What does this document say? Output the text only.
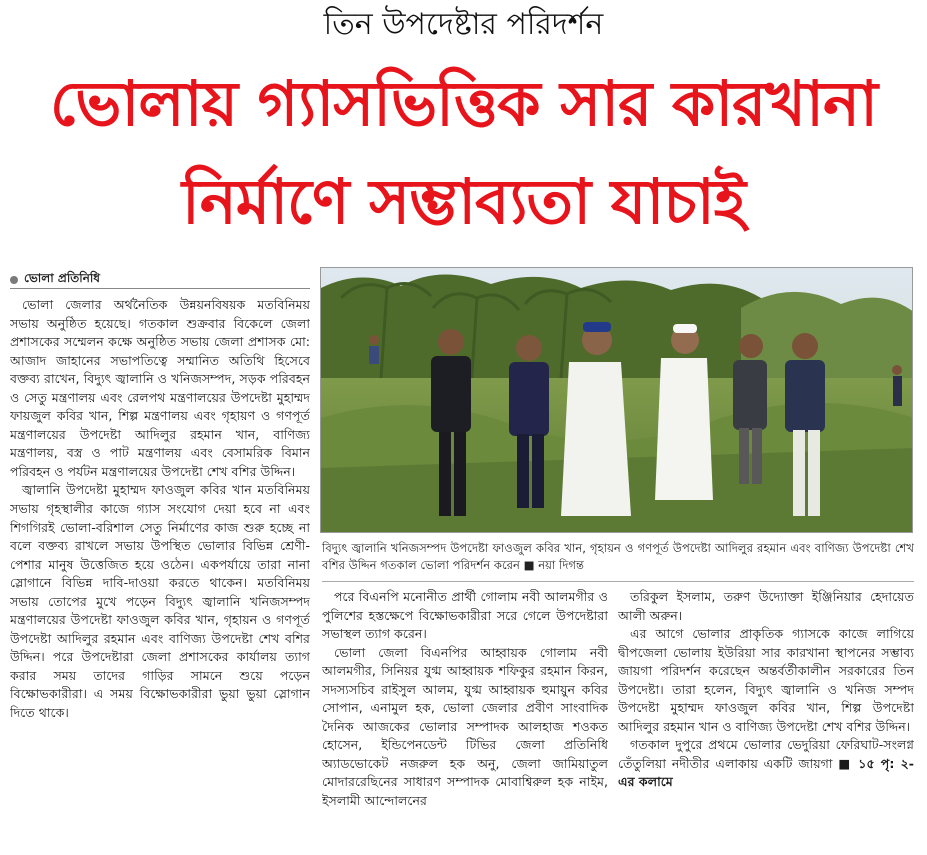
তিন উপদেষ্টার পরিদর্শন
ভোলায় গ্যাসভিত্তিক সার কারখানা
নির্মাণে সম্ভাব্যতা যাচাই
ভোলা প্রতিনিধি

ভোলা জেলার অর্থনৈতিক উন্নয়নবিষয়ক মতবিনিময় সভায় অনুষ্ঠিত হয়েছে। গতকাল শুক্রবার বিকেলে জেলা প্রশাসকের সম্মেলন কক্ষে অনুষ্ঠিত সভায় জেলা প্রশাসক মো: আজাদ জাহানের সভাপতিত্বে সম্মানিত অতিথি হিসেবে বক্তব্য রাখেন, বিদ্যুৎ জ্বালানি ও খনিজসম্পদ, সড়ক পরিবহন ও সেতু মন্ত্রণালয় এবং রেলপথ মন্ত্রণালয়ের উপদেষ্টা মুহাম্মদ ফায়জুল কবির খান, শিল্প মন্ত্রণালয় এবং গৃহায়ণ ও গণপূর্ত মন্ত্রণালয়ের উপদেষ্টা আদিলুর রহমান খান, বাণিজ্য মন্ত্রণালয়, বস্ত্র ও পাট মন্ত্রণালয় এবং বেসামরিক বিমান পরিবহন ও পর্যটন মন্ত্রণালয়ের উপদেষ্টা শেখ বশির উদ্দিন।

জ্বালানি উপদেষ্টা মুহাম্মদ ফাওজুল কবির খান মতবিনিময় সভায় গৃহস্থালীর কাজে গ্যাস সংযোগ দেয়া হবে না এবং শিগগিরই ভোলা-বরিশাল সেতু নির্মাণের কাজ শুরু হচ্ছে না বলে বক্তব্য রাখলে সভায় উপস্থিত ভোলার বিভিন্ন শ্রেণী-পেশার মানুষ উত্তেজিত হয়ে ওঠেন। একপর্যায়ে তারা নানা স্লোগানে বিভিন্ন দাবি-দাওয়া করতে থাকেন। মতবিনিময় সভায় তোপের মুখে পড়েন বিদ্যুৎ জ্বালানি খনিজসম্পদ মন্ত্রণালয়ের উপদেষ্টা ফাওজুল কবির খান, গৃহায়ন ও গণপূর্ত উপদেষ্টা আদিলুর রহমান এবং বাণিজ্য উপদেষ্টা শেখ বশির উদ্দিন। পরে উপদেষ্টারা জেলা প্রশাসকের কার্যালয় ত্যাগ করার সময় তাদের গাড়ির সামনে শুয়ে পড়েন বিক্ষোভকারীরা। এ সময় বিক্ষোভকারীরা ভুয়া ভুয়া স্লোগান দিতে থাকে।

বিদ্যুৎ জ্বালানি খনিজসম্পদ উপদেষ্টা ফাওজুল কবির খান, গৃহায়ন ও গণপূর্ত উপদেষ্টা আদিলুর রহমান এবং বাণিজ্য উপদেষ্টা শেখ বশির উদ্দিন গতকাল ভোলা পরিদর্শন করেন ■ নয়া দিগন্ত

পরে বিএনপি মনোনীত প্রার্থী গোলাম নবী আলমগীর ও পুলিশের হস্তক্ষেপে বিক্ষোভকারীরা সরে গেলে উপদেষ্টারা সভাস্থল ত্যাগ করেন।

ভোলা জেলা বিএনপির আহ্বায়ক গোলাম নবী আলমগীর, সিনিয়র যুগ্ম আহ্বায়ক শফিকুর রহমান কিরন, সদস্যসচিব রাইসুল আলম, যুগ্ম আহ্বায়ক হুমায়ুন কবির সোপান, এনামুল হক, ভোলা জেলার প্রবীণ সাংবাদিক দৈনিক আজকের ভোলার সম্পাদক আলহাজ শওকত হোসেন, ইন্ডিপেনডেন্ট টিভির জেলা প্রতিনিধি অ্যাডভোকেট নজরুল হক অনু, জেলা জামিয়াতুল মোদাররেছিনের সাধারণ সম্পাদক মোবাশ্বিরুল হক নাইম, ইসলামী আন্দোলনের

তরিকুল ইসলাম, তরুণ উদ্যোক্তা ইঞ্জিনিয়ার হেদায়েত আলী অরুন।

এর আগে ভোলার প্রাকৃতিক গ্যাসকে কাজে লাগিয়ে দ্বীপজেলা ভোলায় ইউরিয়া সার কারখানা স্থাপনের সম্ভাব্য জায়গা পরিদর্শন করেছেন অন্তর্বর্তীকালীন সরকারের তিন উপদেষ্টা। তারা হলেন, বিদ্যুৎ জ্বালানি ও খনিজ সম্পদ উপদেষ্টা মুহাম্মদ ফাওজুল কবির খান, শিল্প উপদেষ্টা আদিলুর রহমান খান ও বাণিজ্য উপদেষ্টা শেখ বশির উদ্দিন।

গতকাল দুপুরে প্রথমে ভোলার ভেদুরিয়া ফেরিঘাট-সংলগ্ন তেঁতুলিয়া নদীতীর এলাকায় একটি জায়গা ■ ১৫ পৃ: ২-এর কলামে
